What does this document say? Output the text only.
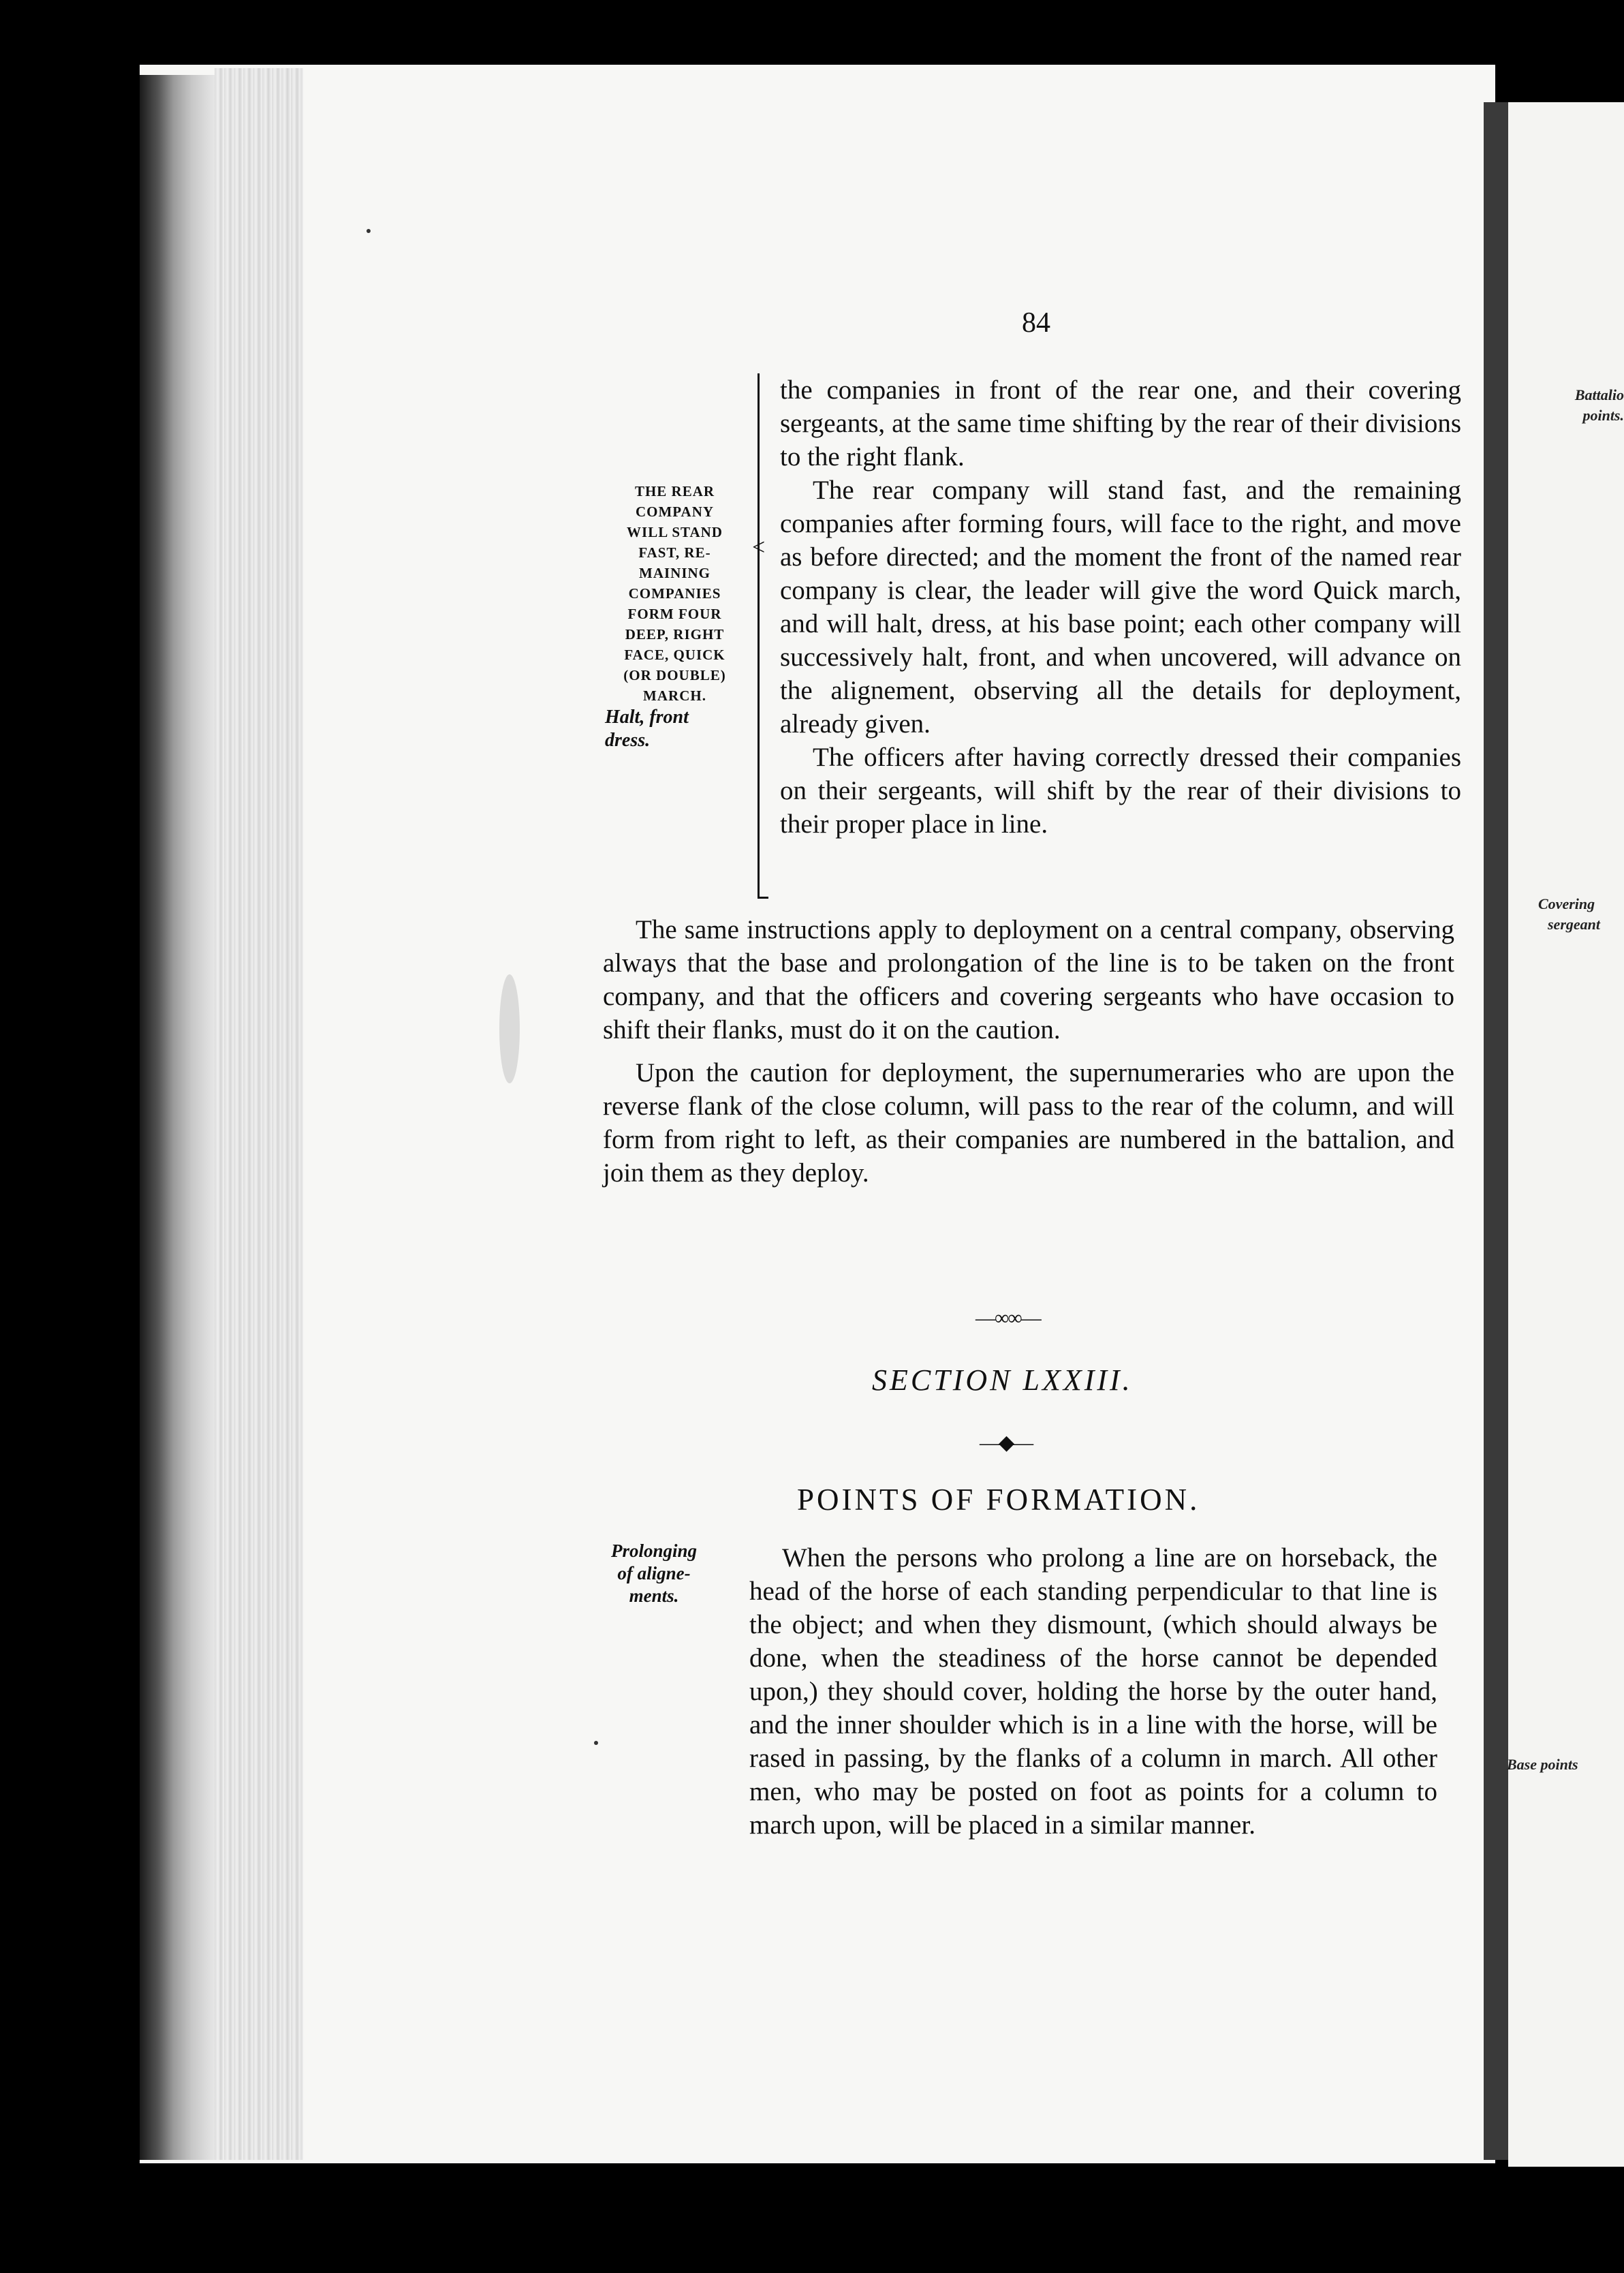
Battalio
points.
Covering
sergeant
Base points
84
THE REAR
COMPANY
WILL STAND
FAST, RE-
MAINING
COMPANIES
FORM FOUR
DEEP, RIGHT
FACE, QUICK
(OR DOUBLE)
MARCH.
Halt, front
dress.
<

the companies in front of the rear one, and their covering sergeants, at the same time shifting by the rear of their divisions to the right flank.

The rear company will stand fast, and the remaining companies after forming fours, will face to the right, and move as before directed; and the moment the front of the named rear company is clear, the leader will give the word Quick march, and will halt, dress, at his base point; each other company will successively halt, front, and when uncovered, will advance on the alignement, observing all the details for deployment, already given.

The officers after having correctly dressed their companies on their sergeants, will shift by the rear of their divisions to their proper place in line.

The same instructions apply to deployment on a central company, observing always that the base and prolongation of the line is to be taken on the front company, and that the officers and covering sergeants who have occasion to shift their flanks, must do it on the caution.

Upon the caution for deployment, the supernumeraries who are upon the reverse flank of the close column, will pass to the rear of the column, and will form from right to left, as their companies are numbered in the battalion, and join them as they deploy.

—∞∞—
SECTION LXXIII.
—◆—
POINTS OF FORMATION.
Prolonging
of aligne-
ments.

When the persons who prolong a line are on horseback, the head of the horse of each standing perpendicular to that line is the object; and when they dismount, (which should always be done, when the steadiness of the horse cannot be depended upon,) they should cover, holding the horse by the outer hand, and the inner shoulder which is in a line with the horse, will be rased in passing, by the flanks of a column in march. All other men, who may be posted on foot as points for a column to march upon, will be placed in a similar manner.
